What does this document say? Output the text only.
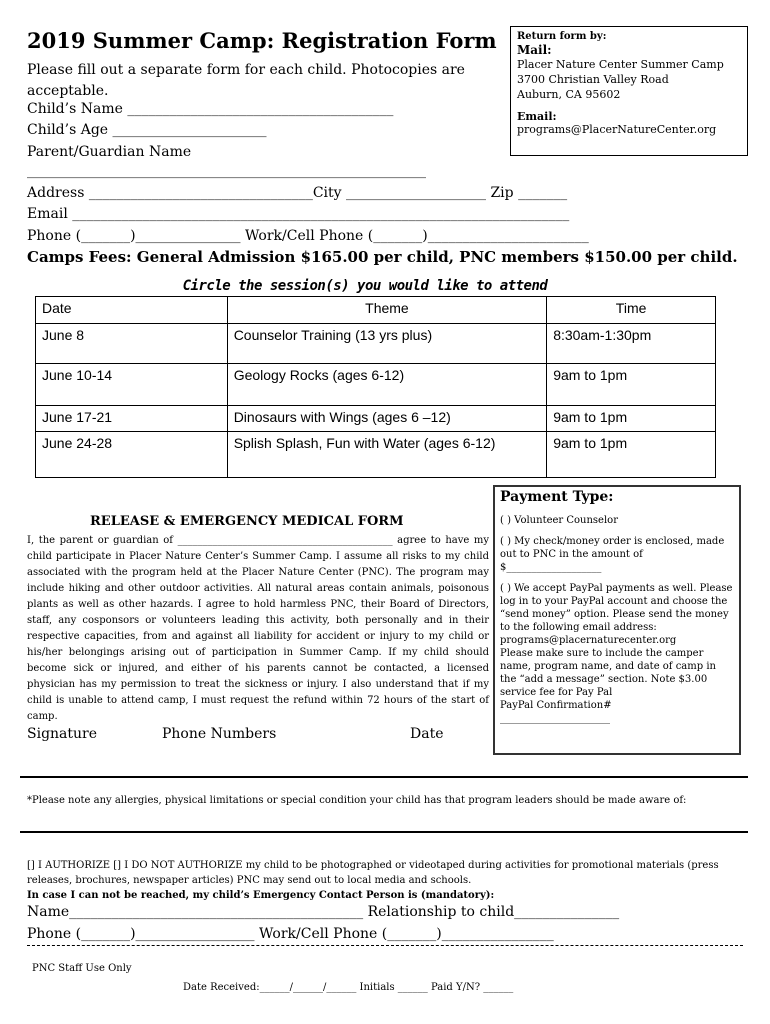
2019 Summer Camp: Registration Form
Please fill out a separate form for each child. Photocopies are acceptable.
Child’s Name ______________________________________
Child’s Age ______________________
Parent/Guardian Name
_________________________________________________________
Address ________________________________City ____________________ Zip _______
Email _______________________________________________________________________
Phone (_______)_______________ Work/Cell Phone (_______)_______________________
Return form by:
Mail:
Placer Nature Center Summer Camp
3700 Christian Valley Road
Auburn, CA 95602
Email: programs@PlacerNatureCenter.org
Camps Fees: General Admission $165.00 per child, PNC members $150.00 per child.
Circle the session(s) you would like to attend
Date	Theme	Time
June 8	Counselor Training (13 yrs plus)	8:30am-1:30pm
June 10-14	Geology Rocks (ages 6-12)	9am to 1pm
June 17-21	Dinosaurs with Wings (ages 6 –12)	9am to 1pm
June 24-28	Splish Splash, Fun with Water (ages 6-12)	9am to 1pm
RELEASE & EMERGENCY MEDICAL FORM
I, the parent or guardian of ___________________________________________ agree to have my child participate in Placer Nature Center’s Summer Camp. I assume all risks to my child associated with the program held at the Placer Nature Center (PNC). The program may include hiking and other outdoor activities. All natural areas contain animals, poisonous plants as well as other hazards. I agree to hold harmless PNC, their Board of Directors, staff, any cosponsors or volunteers leading this activity, both personally and in their respective capacities, from and against all liability for accident or injury to my child or his/her belongings arising out of participation in Summer Camp. If my child should become sick or injured, and either of his parents cannot be contacted, a licensed physician has my permission to treat the sickness or injury. I also understand that if my child is unable to attend camp, I must request the refund within 72 hours of the start of camp.
Signature	Phone Numbers	Date
Payment Type:
( ) Volunteer Counselor
( ) My check/money order is enclosed, made out to PNC in the amount of
$___________________
( ) We accept PayPal payments as well. Please log in to your PayPal account and choose the “send money” option. Please send the money to the following email address: programs@placernaturecenter.org
Please make sure to include the camper name, program name, and date of camp in the “add a message” section. Note $3.00 service fee for Pay Pal
PayPal Confirmation#
______________________
*Please note any allergies, physical limitations or special condition your child has that program leaders should be made aware of:
[] I AUTHORIZE [] I DO NOT AUTHORIZE my child to be photographed or videotaped during activities for promotional materials (press releases, brochures, newspaper articles) PNC may send out to local media and schools.
In case I can not be reached, my child’s Emergency Contact Person is (mandatory):
Name__________________________________________ Relationship to child_______________
Phone (_______)_________________ Work/Cell Phone (_______)________________
PNC Staff Use Only
Date Received:______/______/______ Initials ______ Paid Y/N? ______
